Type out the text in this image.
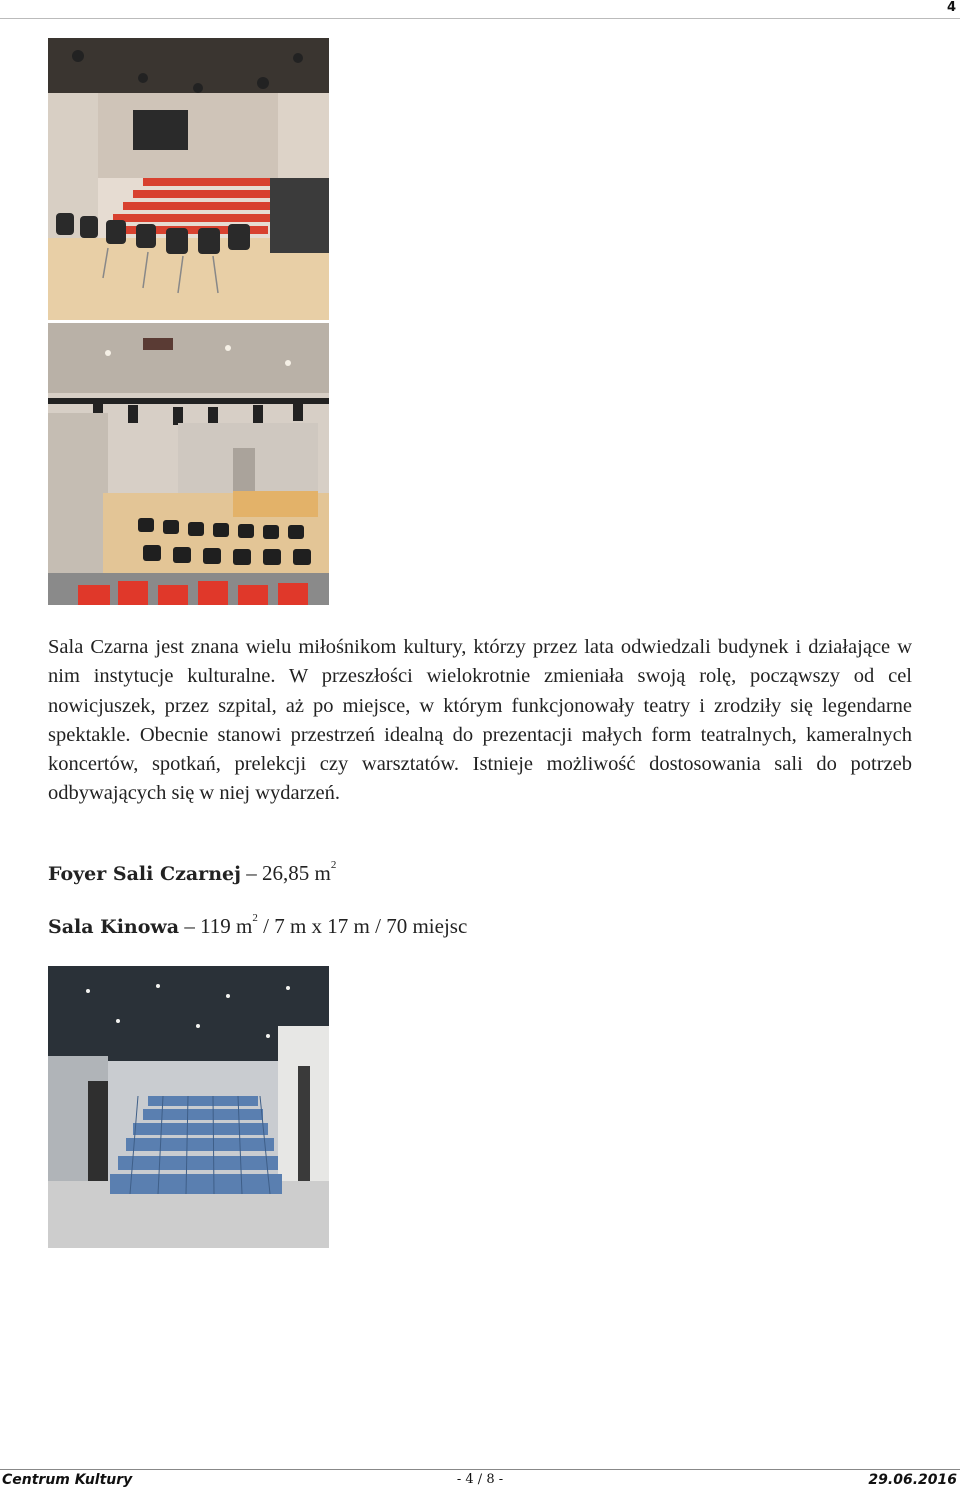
4

Sala Czarna jest znana wielu miłośnikom kultury, którzy przez lata odwiedzali budynek i działające w nim instytucje kulturalne. W przeszłości wielokrotnie zmieniała swoją rolę, począwszy od cel nowicjuszek, przez szpital, aż po miejsce, w którym funkcjonowały teatry i zrodziły się legendarne spektakle. Obecnie stanowi przestrzeń idealną do prezentacji małych form teatralnych, kameralnych koncertów, spotkań, prelekcji czy warsztatów. Istnieje możliwość dostosowania sali do potrzeb odbywających się w niej wydarzeń.

Foyer Sali Czarnej – 26,85 $m^2$

Sala Kinowa – 119 $m^2 / 7$ m x 17 m / 70 miejsc

Centrum Kultury	- 4 / 8 -	29.06.2016
